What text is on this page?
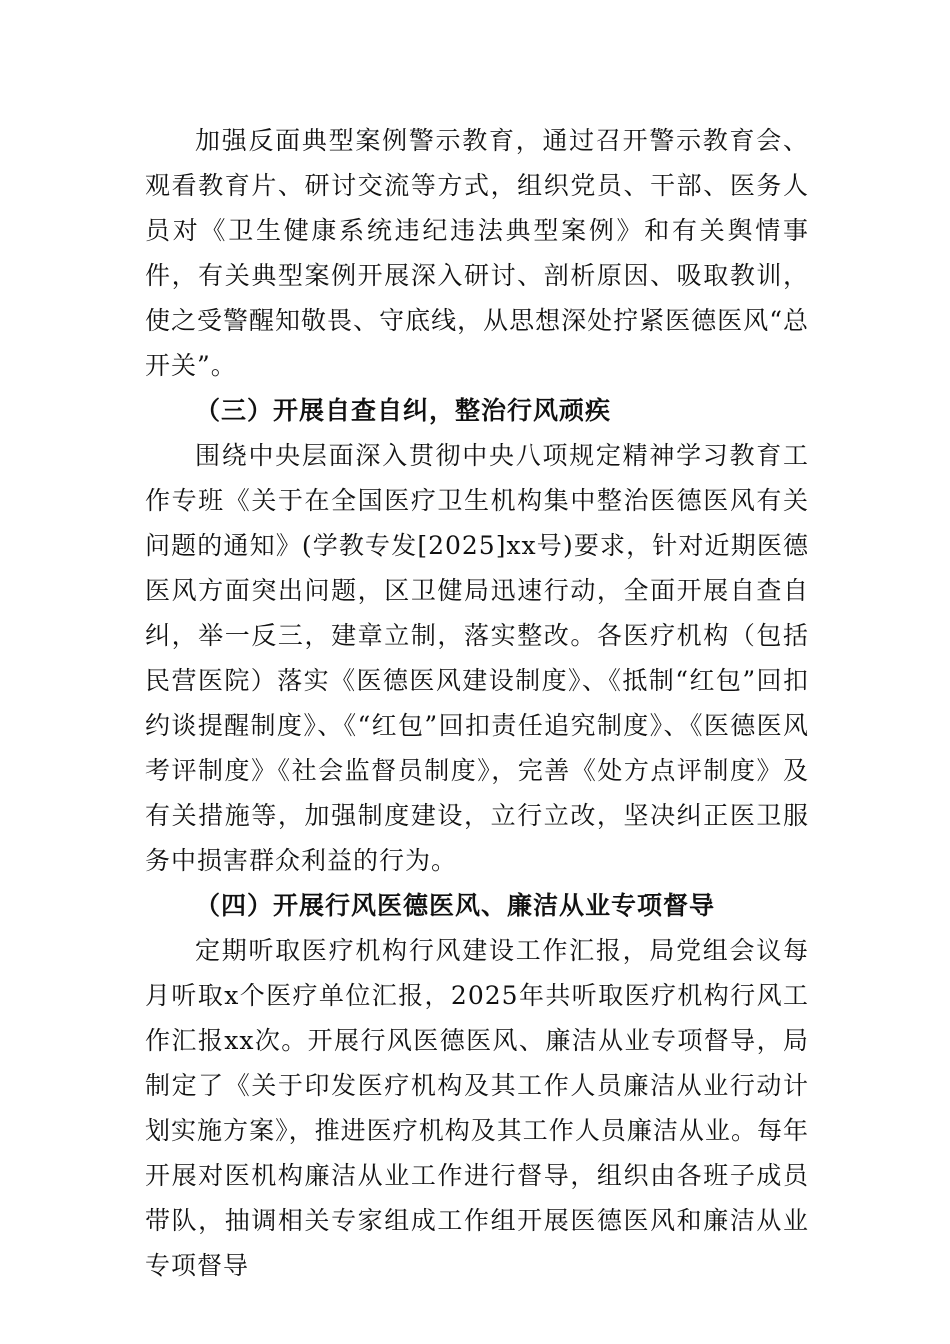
加强反面典型案例警示教育，通过召开警示教育会、观看教育片、研讨交流等方式，组织党员、干部、医务人员对《卫生健康系统违纪违法典型案例》和有关舆情事件，有关典型案例开展深入研讨、剖析原因、吸取教训，使之受警醒知敬畏、守底线，从思想深处拧紧医德医风“总开关”。

（三）开展自查自纠，整治行风顽疾

围绕中央层面深入贯彻中央八项规定精神学习教育工作专班《关于在全国医疗卫生机构集中整治医德医风有关问题的通知》(学教专发[2025]xx号)要求，针对近期医德医风方面突出问题，区卫健局迅速行动，全面开展自查自纠，举一反三，建章立制，落实整改。各医疗机构（包括民营医院）落实《医德医风建设制度》、《抵制“红包”回扣约谈提醒制度》、《“红包”回扣责任追究制度》、《医德医风考评制度》《社会监督员制度》，完善《处方点评制度》及有关措施等，加强制度建设，立行立改，坚决纠正医卫服务中损害群众利益的行为。

（四）开展行风医德医风、廉洁从业专项督导

定期听取医疗机构行风建设工作汇报，局党组会议每月听取x个医疗单位汇报，2025年共听取医疗机构行风工作汇报xx次。开展行风医德医风、廉洁从业专项督导，局制定了《关于印发医疗机构及其工作人员廉洁从业行动计划实施方案》，推进医疗机构及其工作人员廉洁从业。每年开展对医机构廉洁从业工作进行督导，组织由各班子成员带队，抽调相关专家组成工作组开展医德医风和廉洁从业专项督导
